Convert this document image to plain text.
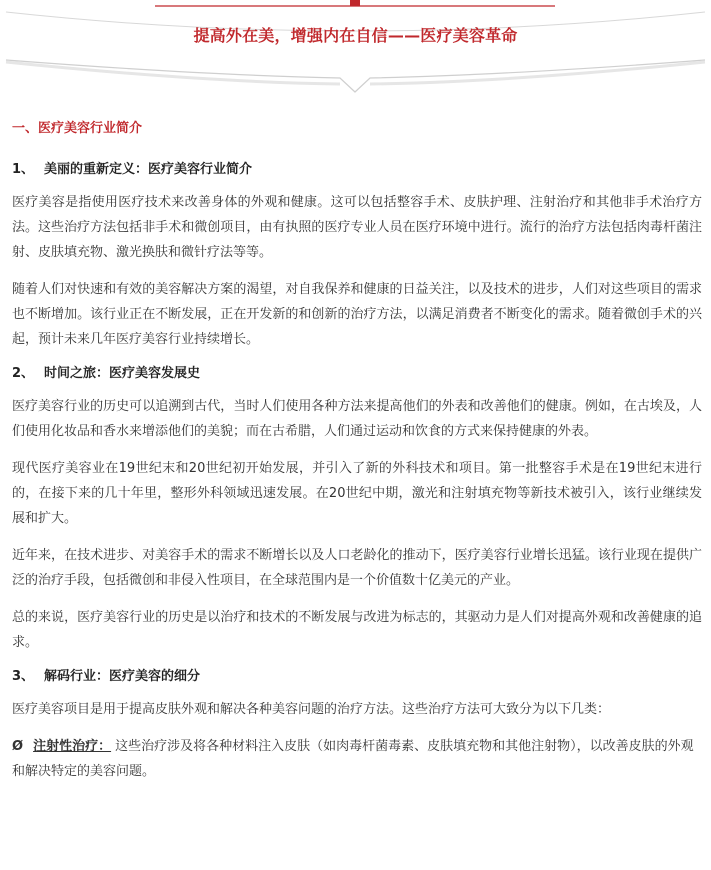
提高外在美，增强内在自信——医疗美容革命
一、医疗美容行业简介
1、 美丽的重新定义：医疗美容行业简介

医疗美容是指使用医疗技术来改善身体的外观和健康。这可以包括整容手术、皮肤护理、注射治疗和其他非手术治疗方法。这些治疗方法包括非手术和微创项目，由有执照的医疗专业人员在医疗环境中进行。流行的治疗方法包括肉毒杆菌注射、皮肤填充物、激光换肤和微针疗法等等。

随着人们对快速和有效的美容解决方案的渴望，对自我保养和健康的日益关注，以及技术的进步，人们对这些项目的需求也不断增加。该行业正在不断发展，正在开发新的和创新的治疗方法，以满足消费者不断变化的需求。随着微创手术的兴起，预计未来几年医疗美容行业持续增长。

2、 时间之旅：医疗美容发展史

医疗美容行业的历史可以追溯到古代，当时人们使用各种方法来提高他们的外表和改善他们的健康。例如，在古埃及，人们使用化妆品和香水来增添他们的美貌；而在古希腊，人们通过运动和饮食的方式来保持健康的外表。

现代医疗美容业在19世纪末和20世纪初开始发展，并引入了新的外科技术和项目。第一批整容手术是在19世纪末进行的，在接下来的几十年里，整形外科领域迅速发展。在20世纪中期，激光和注射填充物等新技术被引入，该行业继续发展和扩大。

近年来，在技术进步、对美容手术的需求不断增长以及人口老龄化的推动下，医疗美容行业增长迅猛。该行业现在提供广泛的治疗手段，包括微创和非侵入性项目，在全球范围内是一个价值数十亿美元的产业。

总的来说，医疗美容行业的历史是以治疗和技术的不断发展与改进为标志的，其驱动力是人们对提高外观和改善健康的追求。

3、 解码行业：医疗美容的细分

医疗美容项目是用于提高皮肤外观和解决各种美容问题的治疗方法。这些治疗方法可大致分为以下几类：

Ø 注射性治疗： 这些治疗涉及将各种材料注入皮肤（如肉毒杆菌毒素、皮肤填充物和其他注射物），以改善皮肤的外观和解决特定的美容问题。
